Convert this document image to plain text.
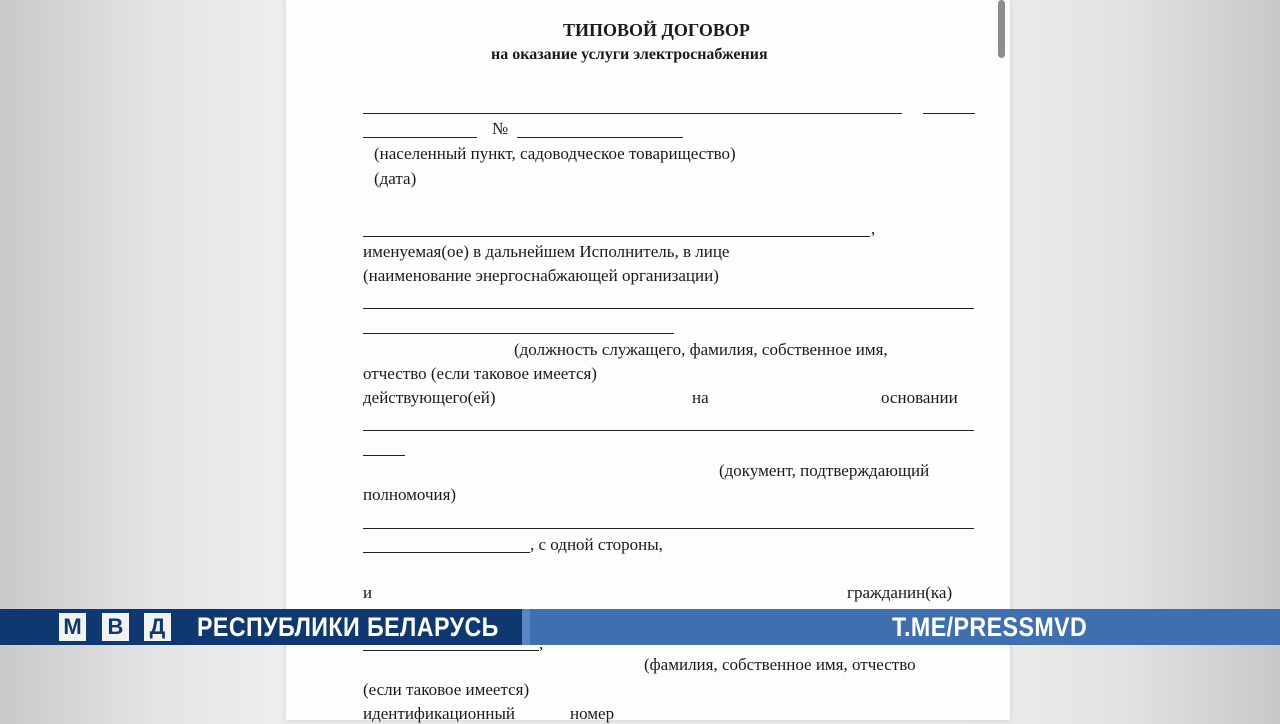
ТИПОВОЙ ДОГОВОР
на оказание услуги электроснабжения
№
(населенный пункт, садоводческое товарищество)
(дата)
,
именуемая(ое) в дальнейшем Исполнитель, в лице
(наименование энергоснабжающей организации)
(должность служащего, фамилия, собственное имя,
отчество (если таковое имеется)
действующего(ей)	на	основании
(документ, подтверждающий
полномочия)
, с одной стороны,
и	гражданин(ка)
(фамилия, собственное имя, отчество
(если таковое имеется)
идентификационный	номер
М В Д РЕСПУБЛИКИ БЕЛАРУСЬ	T.ME/PRESSMVD
